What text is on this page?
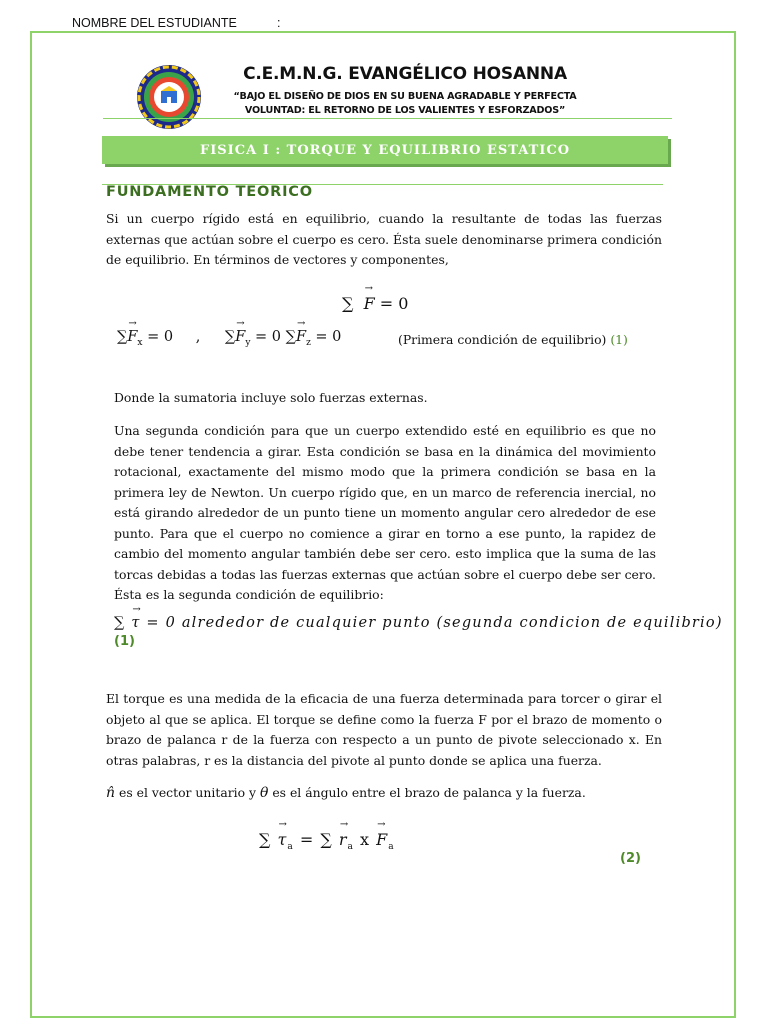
NOMBRE DEL ESTUDIANTE	:
C.E.M.N.G. EVANGÉLICO HOSANNA
“BAJO EL DISEÑO DE DIOS EN SU BUENA AGRADABLE Y PERFECTA
VOLUNTAD: EL RETORNO DE LOS VALIENTES Y ESFORZADOS”
FISICA I : TORQUE Y EQUILIBRIO ESTATICO
FUNDAMENTO TEORICO
Si un cuerpo rígido está en equilibrio, cuando la resultante de todas las fuerzas externas que actúan sobre el cuerpo es cero. Ésta suele denominarse primera condición de equilibrio. En términos de vectores y componentes,
∑ → F = 0
∑→ $F_x = 0$ , ∑→ $F_y = 0$ ∑→ $F_z = 0$	(Primera condición de equilibrio) (1)
Donde la sumatoria incluye solo fuerzas externas.
Una segunda condición para que un cuerpo extendido esté en equilibrio es que no debe tener tendencia a girar. Esta condición se basa en la dinámica del movimiento rotacional, exactamente del mismo modo que la primera condición se basa en la primera ley de Newton. Un cuerpo rígido que, en un marco de referencia inercial, no está girando alrededor de un punto tiene un momento angular cero alrededor de ese punto. Para que el cuerpo no comience a girar en torno a ese punto, la rapidez de cambio del momento angular también debe ser cero. esto implica que la suma de las torcas debidas a todas las fuerzas externas que actúan sobre el cuerpo debe ser cero. Ésta es la segunda condición de equilibrio:
∑ → τ = 0 alrededor de cualquier punto (segunda condicion de equilibrio)
(1)
El torque es una medida de la eficacia de una fuerza determinada para torcer o girar el objeto al que se aplica. El torque se define como la fuerza F por el brazo de momento o brazo de palanca r de la fuerza con respecto a un punto de pivote seleccionado x. En otras palabras, r es la distancia del pivote al punto donde se aplica una fuerza.
n̂ es el vector unitario y θ es el ángulo entre el brazo de palanca y la fuerza.
∑ → $\tau_a$ = ∑ → $r_a$ $x \to F_a$
(2)
